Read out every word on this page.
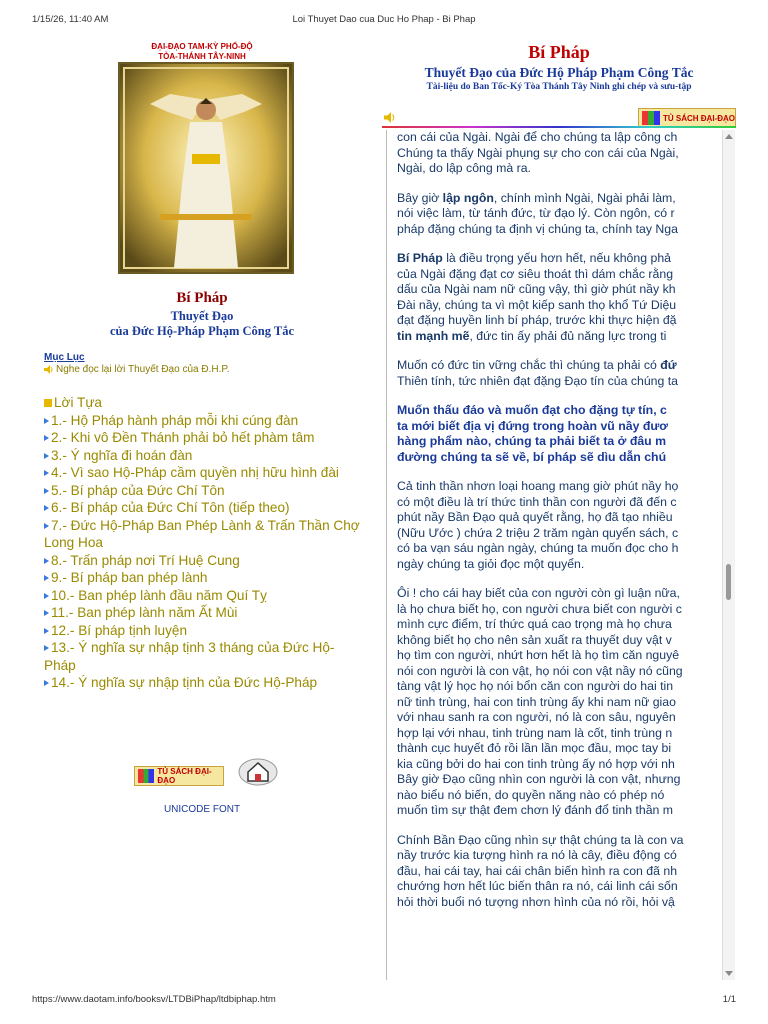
1/15/26, 11:40 AM	Loi Thuyet Dao cua Duc Ho Phap - Bi Phap
ĐẠI-ĐẠO TAM-KỲ PHỔ-ĐỘ
TÒA-THÁNH TÂY-NINH
Bí Pháp
Thuyết Đạo
của Đức Hộ-Pháp Phạm Công Tắc
Mục Lục
Nghe đọc lại lời Thuyết Đạo của Đ.H.P.
Lời Tựa
1.- Hộ Pháp hành pháp mỗi khi cúng đàn
2.- Khi vô Đền Thánh phải bỏ hết phàm tâm
3.- Ý nghĩa đi hoán đàn
4.- Vì sao Hộ-Pháp cầm quyền nhị hữu hình đài
5.- Bí pháp của Đức Chí Tôn
6.- Bí pháp của Đức Chí Tôn (tiếp theo)
7.- Đức Hộ-Pháp Ban Phép Lành & Trấn Thần Chợ Long Hoa
8.- Trấn pháp nơi Trí Huệ Cung
9.- Bí pháp ban phép lành
10.- Ban phép lành đầu năm Quí Tỵ
11.- Ban phép lành năm Ất Mùi
12.- Bí pháp tịnh luyện
13.- Ý nghĩa sự nhập tịnh 3 tháng của Đức Hộ-Pháp
14.- Ý nghĩa sự nhập tịnh của Đức Hộ-Pháp
TỦ SÁCH ĐẠI-ĐẠO
UNICODE FONT
Bí Pháp
Thuyết Đạo của Đức Hộ Pháp Phạm Công Tắc
Tài-liệu do Ban Tốc-Ký Tòa Thánh Tây Ninh ghi chép và sưu-tập
TỦ SÁCH ĐẠI-ĐẠO

con cái của Ngài. Ngài để cho chúng ta lập công ch
Chúng ta thấy Ngài phụng sự cho con cái của Ngài,
Ngài, do lập công mà ra.

Bây giờ lập ngôn, chính mình Ngài, Ngài phải làm,
nói việc làm, từ tánh đức, từ đạo lý. Còn ngôn, có r
pháp đặng chúng ta định vị chúng ta, chính tay Nga

Bí Pháp là điều trọng yếu hơn hết, nếu không phả
của Ngài đặng đạt cơ siêu thoát thì dám chắc rằng
dấu của Ngài nam nữ cũng vậy, thì giờ phút nầy kh
Đài nầy, chúng ta vì một kiếp sanh thọ khổ Tứ Diệu
đạt đặng huyền linh bí pháp, trước khi thực hiện đặ
tin mạnh mẽ, đức tin ấy phải đủ năng lực trong ti

Muốn có đức tin vững chắc thì chúng ta phải có đứ
Thiên tính, tức nhiên đạt đặng Đạo tín của chúng ta

Muốn thấu đáo và muốn đạt cho đặng tự tín, c
ta mới biết địa vị đứng trong hoàn vũ nầy đươ
hàng phẩm nào, chúng ta phải biết ta ở đâu m
đường chúng ta sẽ về, bí pháp sẽ dìu dẫn chú

Cả tinh thần nhơn loại hoang mang giờ phút nầy họ
có một điều là trí thức tinh thần con người đã đến c
phút nầy Bần Đạo quả quyết rằng, họ đã tạo nhiều
(Nữu Ước ) chứa 2 triệu 2 trăm ngàn quyển sách, c
có ba vạn sáu ngàn ngày, chúng ta muốn đọc cho h
ngày chúng ta giỏi đọc một quyển.

Ôi ! cho cái hay biết của con người còn gì luận nữa,
là họ chưa biết họ, con người chưa biết con người c
mình cực điểm, trí thức quá cao trọng mà họ chưa
không biết họ cho nên sản xuất ra thuyết duy vật v
họ tìm con người, nhứt hơn hết là họ tìm căn nguyê
nói con người là con vật, họ nói con vật nầy nó cũng
tàng vật lý học họ nói bổn căn con người do hai tin
nữ tinh trùng, hai con tinh trùng ấy khi nam nữ giao
với nhau sanh ra con người, nó là con sâu, nguyên
hợp lại với nhau, tinh trùng nam là cốt, tinh trùng n
thành cục huyết đỏ rồi lần lần mọc đầu, mọc tay bi
kia cũng bởi do hai con tinh trùng ấy nó hợp với nh
Bây giờ Đạo cũng nhìn con người là con vật, nhưng
nào biểu nó biến, do quyền năng nào có phép nó
muốn tìm sự thật đem chơn lý đánh đổ tinh thần m

Chính Bần Đạo cũng nhìn sự thật chúng ta là con va
nầy trước kia tượng hình ra nó là cây, điều động có
đầu, hai cái tay, hai cái chân biến hình ra con đã nh
chướng hơn hết lúc biến thân ra nó, cái linh cái sốn
hỏi thời buổi nó tượng nhơn hình của nó rồi, hỏi vậ

https://www.daotam.info/booksv/LTDBiPhap/ltdbiphap.htm	1/1
